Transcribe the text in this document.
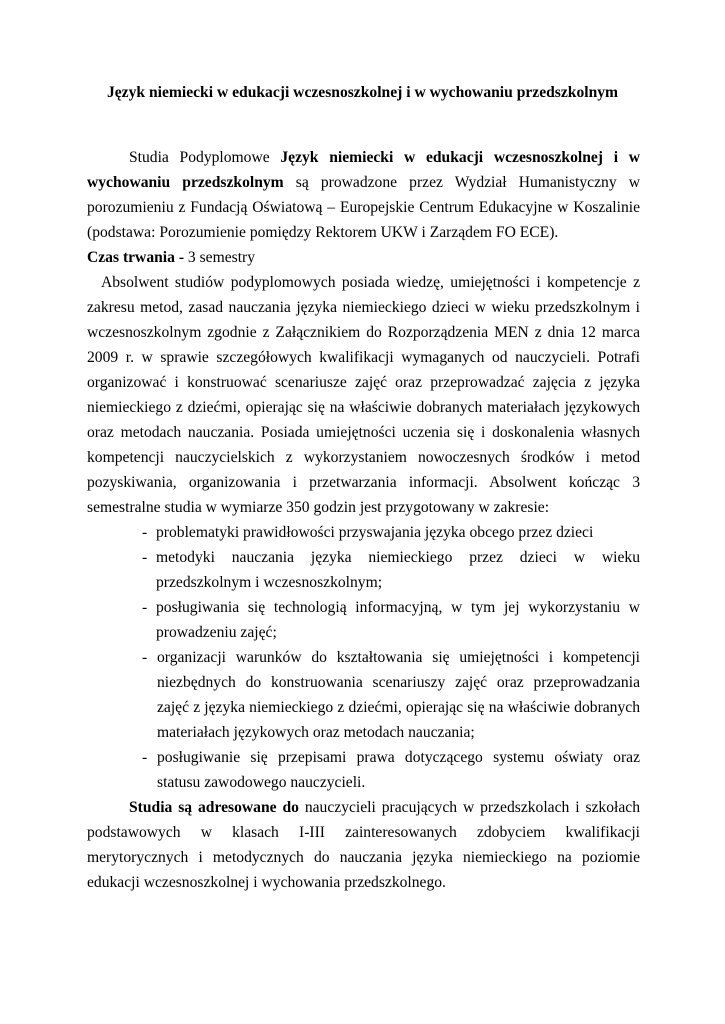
Język niemiecki w edukacji wczesnoszkolnej i w wychowaniu przedszkolnym

Studia Podyplomowe Język niemiecki w edukacji wczesnoszkolnej i w wychowaniu przedszkolnym są prowadzone przez Wydział Humanistyczny w porozumieniu z Fundacją Oświatową – Europejskie Centrum Edukacyjne w Koszalinie (podstawa: Porozumienie pomiędzy Rektorem UKW i Zarządem FO ECE).

Czas trwania - 3 semestry

Absolwent studiów podyplomowych posiada wiedzę, umiejętności i kompetencje z zakresu metod, zasad nauczania języka niemieckiego dzieci w wieku przedszkolnym i wczesnoszkolnym zgodnie z Załącznikiem do Rozporządzenia MEN z dnia 12 marca 2009 r. w sprawie szczegółowych kwalifikacji wymaganych od nauczycieli. Potrafi organizować i konstruować scenariusze zajęć oraz przeprowadzać zajęcia z języka niemieckiego z dziećmi, opierając się na właściwie dobranych materiałach językowych oraz metodach nauczania. Posiada umiejętności uczenia się i doskonalenia własnych kompetencji nauczycielskich z wykorzystaniem nowoczesnych środków i metod pozyskiwania, organizowania i przetwarzania informacji. Absolwent kończąc 3 semestralne studia w wymiarze 350 godzin jest przygotowany w zakresie:

- problematyki prawidłowości przyswajania języka obcego przez dzieci
- metodyki nauczania języka niemieckiego przez dzieci w wieku przedszkolnym i wczesnoszkolnym;
- posługiwania się technologią informacyjną, w tym jej wykorzystaniu w prowadzeniu zajęć;
- organizacji warunków do kształtowania się umiejętności i kompetencji niezbędnych do konstruowania scenariuszy zajęć oraz przeprowadzania zajęć z języka niemieckiego z dziećmi, opierając się na właściwie dobranych materiałach językowych oraz metodach nauczania;
- posługiwanie się przepisami prawa dotyczącego systemu oświaty oraz statusu zawodowego nauczycieli.

Studia są adresowane do nauczycieli pracujących w przedszkolach i szkołach podstawowych w klasach I-III zainteresowanych zdobyciem kwalifikacji merytorycznych i metodycznych do nauczania języka niemieckiego na poziomie edukacji wczesnoszkolnej i wychowania przedszkolnego.
